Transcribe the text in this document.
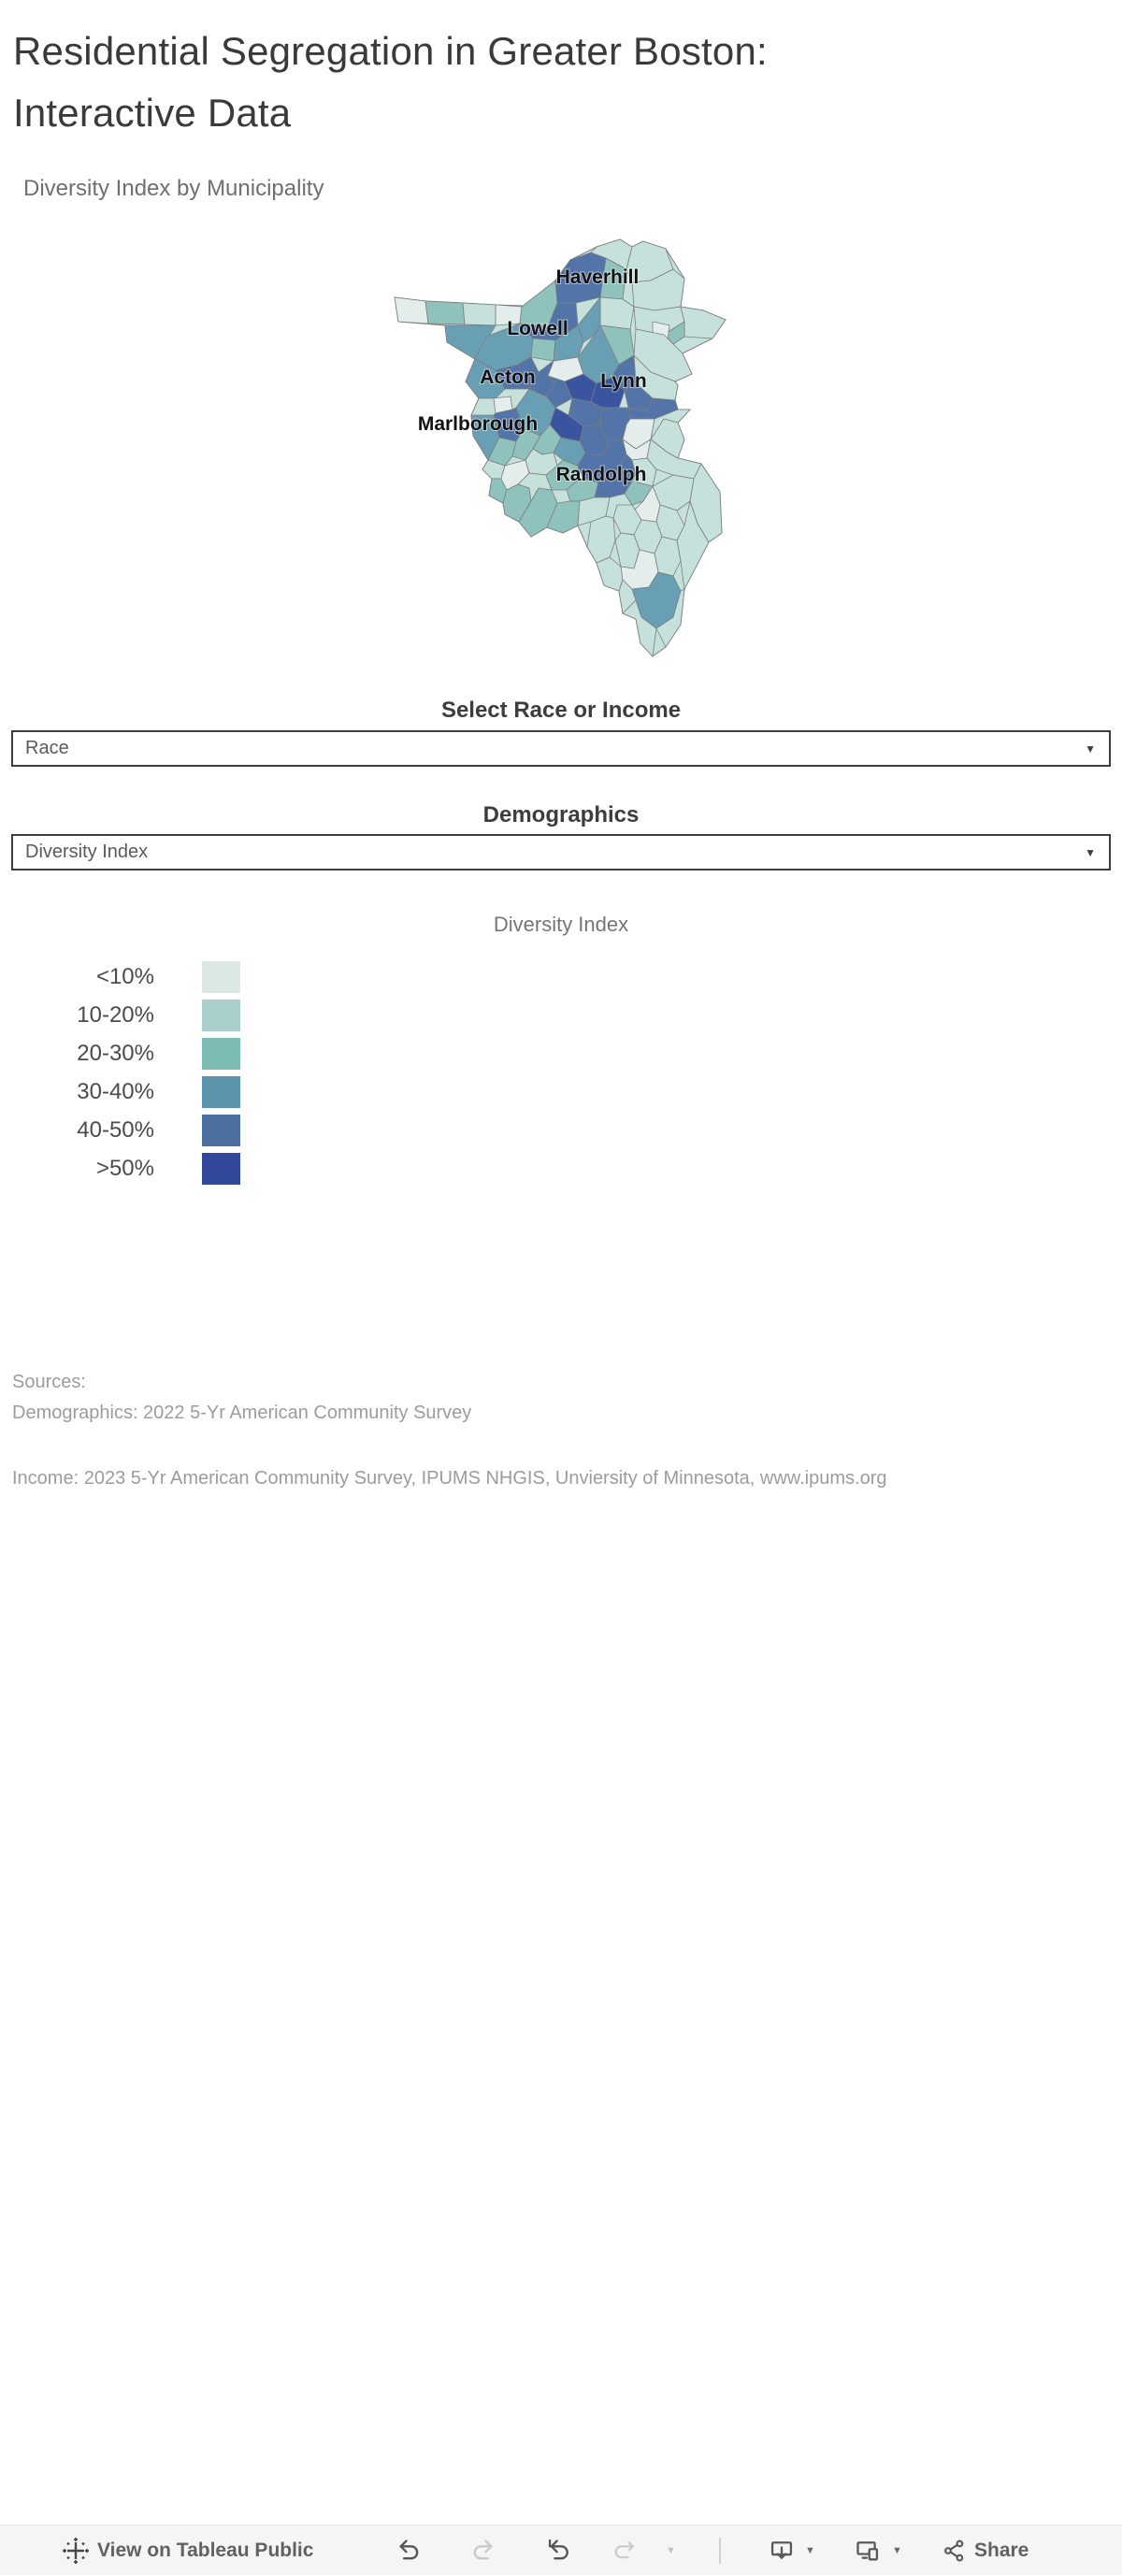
Residential Segregation in Greater Boston:
Interactive Data
Diversity Index by Municipality
Haverhill
Lowell
Acton	Lynn
Marlborough
Randolph
Select Race or Income
Race	▼
Demographics
Diversity Index	▼
Diversity Index
<10%
10-20%
20-30%
30-40%
40-50%
>50%
Sources:
Demographics: 2022 5-Yr American Community Survey
Income: 2023 5-Yr American Community Survey, IPUMS NHGIS, Unviersity of Minnesota, www.ipums.org
View on Tableau Public	▼	▼	▼	Share
